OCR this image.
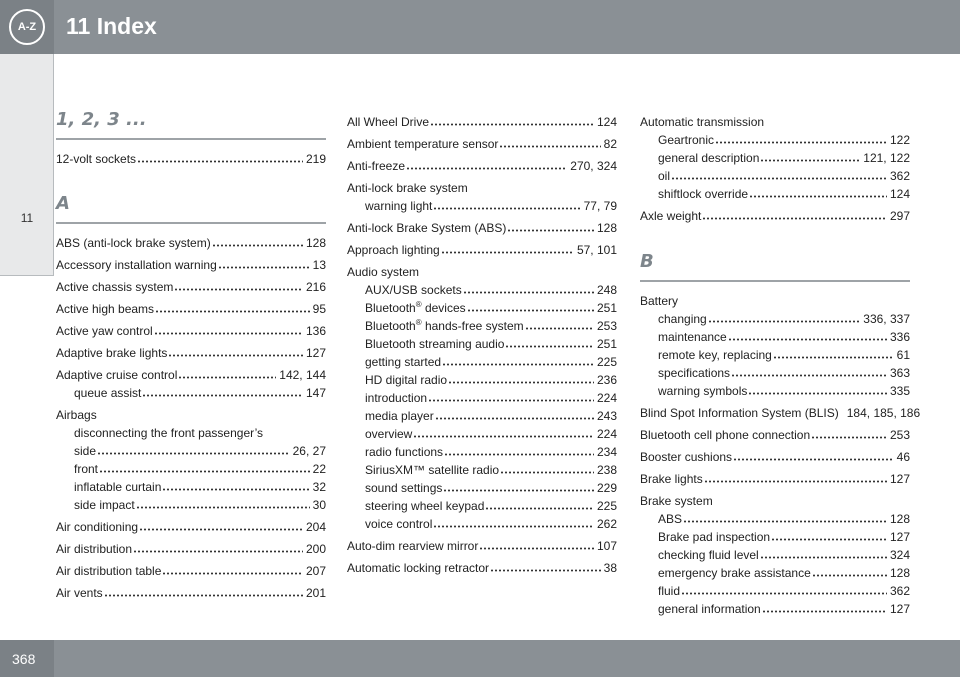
A-Z	11 Index
11
1, 2, 3 ...
12-volt sockets	219
A
ABS (anti-lock brake system)	128
Accessory installation warning	13
Active chassis system	216
Active high beams	95
Active yaw control	136
Adaptive brake lights	127
Adaptive cruise control	142, 144
queue assist	147
Airbags
disconnecting the front passenger’s
side	26, 27
front	22
inflatable curtain	32
side impact	30
Air conditioning	204
Air distribution	200
Air distribution table	207
Air vents	201
All Wheel Drive	124
Ambient temperature sensor	82
Anti-freeze	270, 324
Anti-lock brake system
warning light	77, 79
Anti-lock Brake System (ABS)	128
Approach lighting	57, 101
Audio system
AUX/USB sockets	248
Bluetooth® devices	251
Bluetooth® hands-free system	253
Bluetooth streaming audio	251
getting started	225
HD digital radio	236
introduction	224
media player	243
overview	224
radio functions	234
SiriusXM™ satellite radio	238
sound settings	229
steering wheel keypad	225
voice control	262
Auto-dim rearview mirror	107
Automatic locking retractor	38
Automatic transmission
Geartronic	122
general description	121, 122
oil	362
shiftlock override	124
Axle weight	297
B
Battery
changing	336, 337
maintenance	336
remote key, replacing	61
specifications	363
warning symbols	335
Blind Spot Information System (BLIS) 184, 185, 186
Bluetooth cell phone connection	253
Booster cushions	46
Brake lights	127
Brake system
ABS	128
Brake pad inspection	127
checking fluid level	324
emergency brake assistance	128
fluid	362
general information	127
368
